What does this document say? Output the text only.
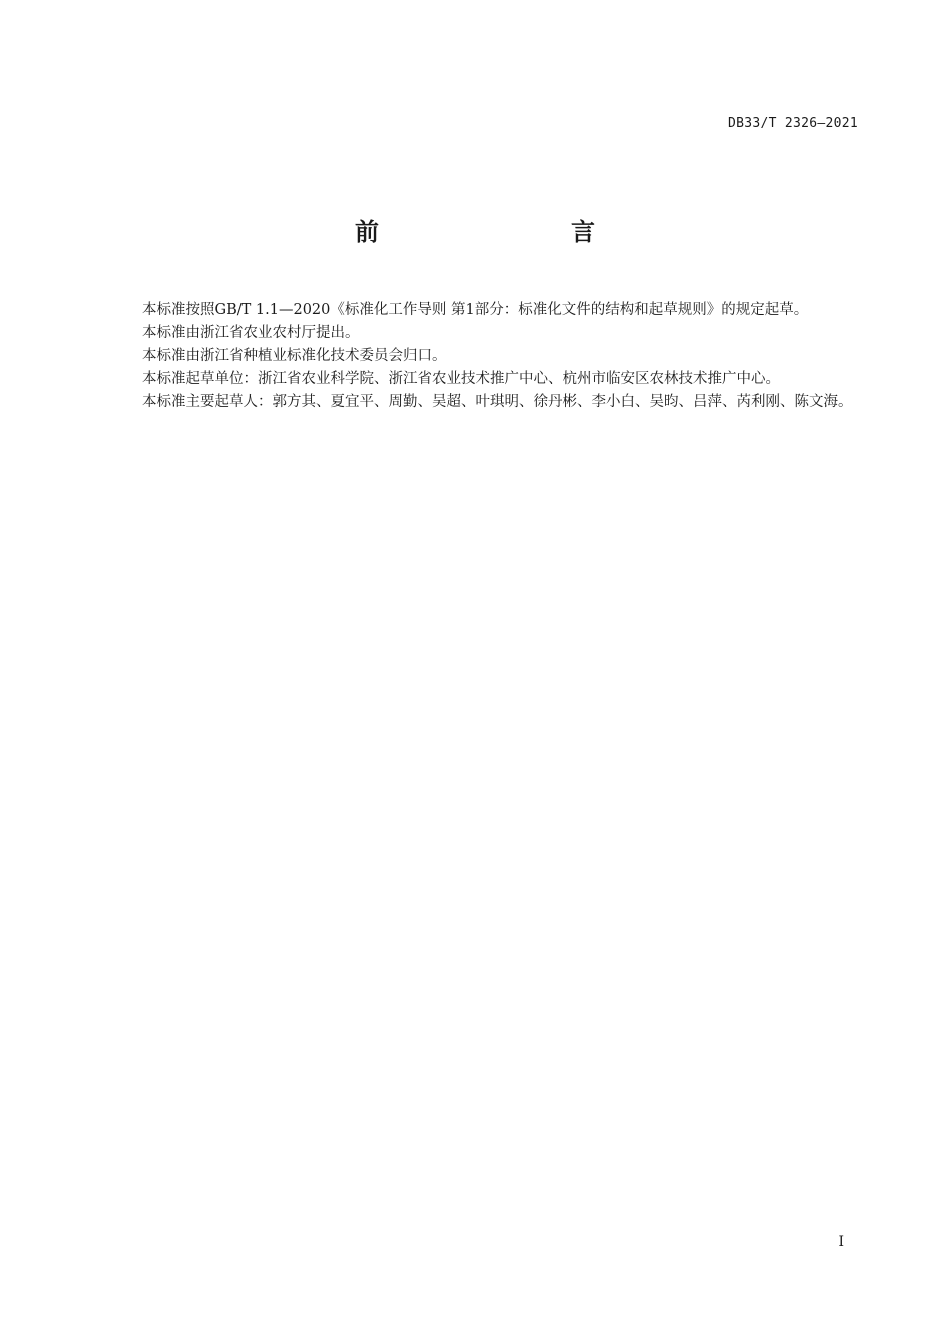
DB33/T 2326—2021
前　　言

本标准按照GB/T 1.1—2020《标准化工作导则 第1部分：标准化文件的结构和起草规则》的规定起草。

本标准由浙江省农业农村厅提出。

本标准由浙江省种植业标准化技术委员会归口。

本标准起草单位：浙江省农业科学院、浙江省农业技术推广中心、杭州市临安区农林技术推广中心。

本标准主要起草人：郭方其、夏宜平、周勤、吴超、叶琪明、徐丹彬、李小白、吴昀、吕萍、芮利刚、陈文海。

I
